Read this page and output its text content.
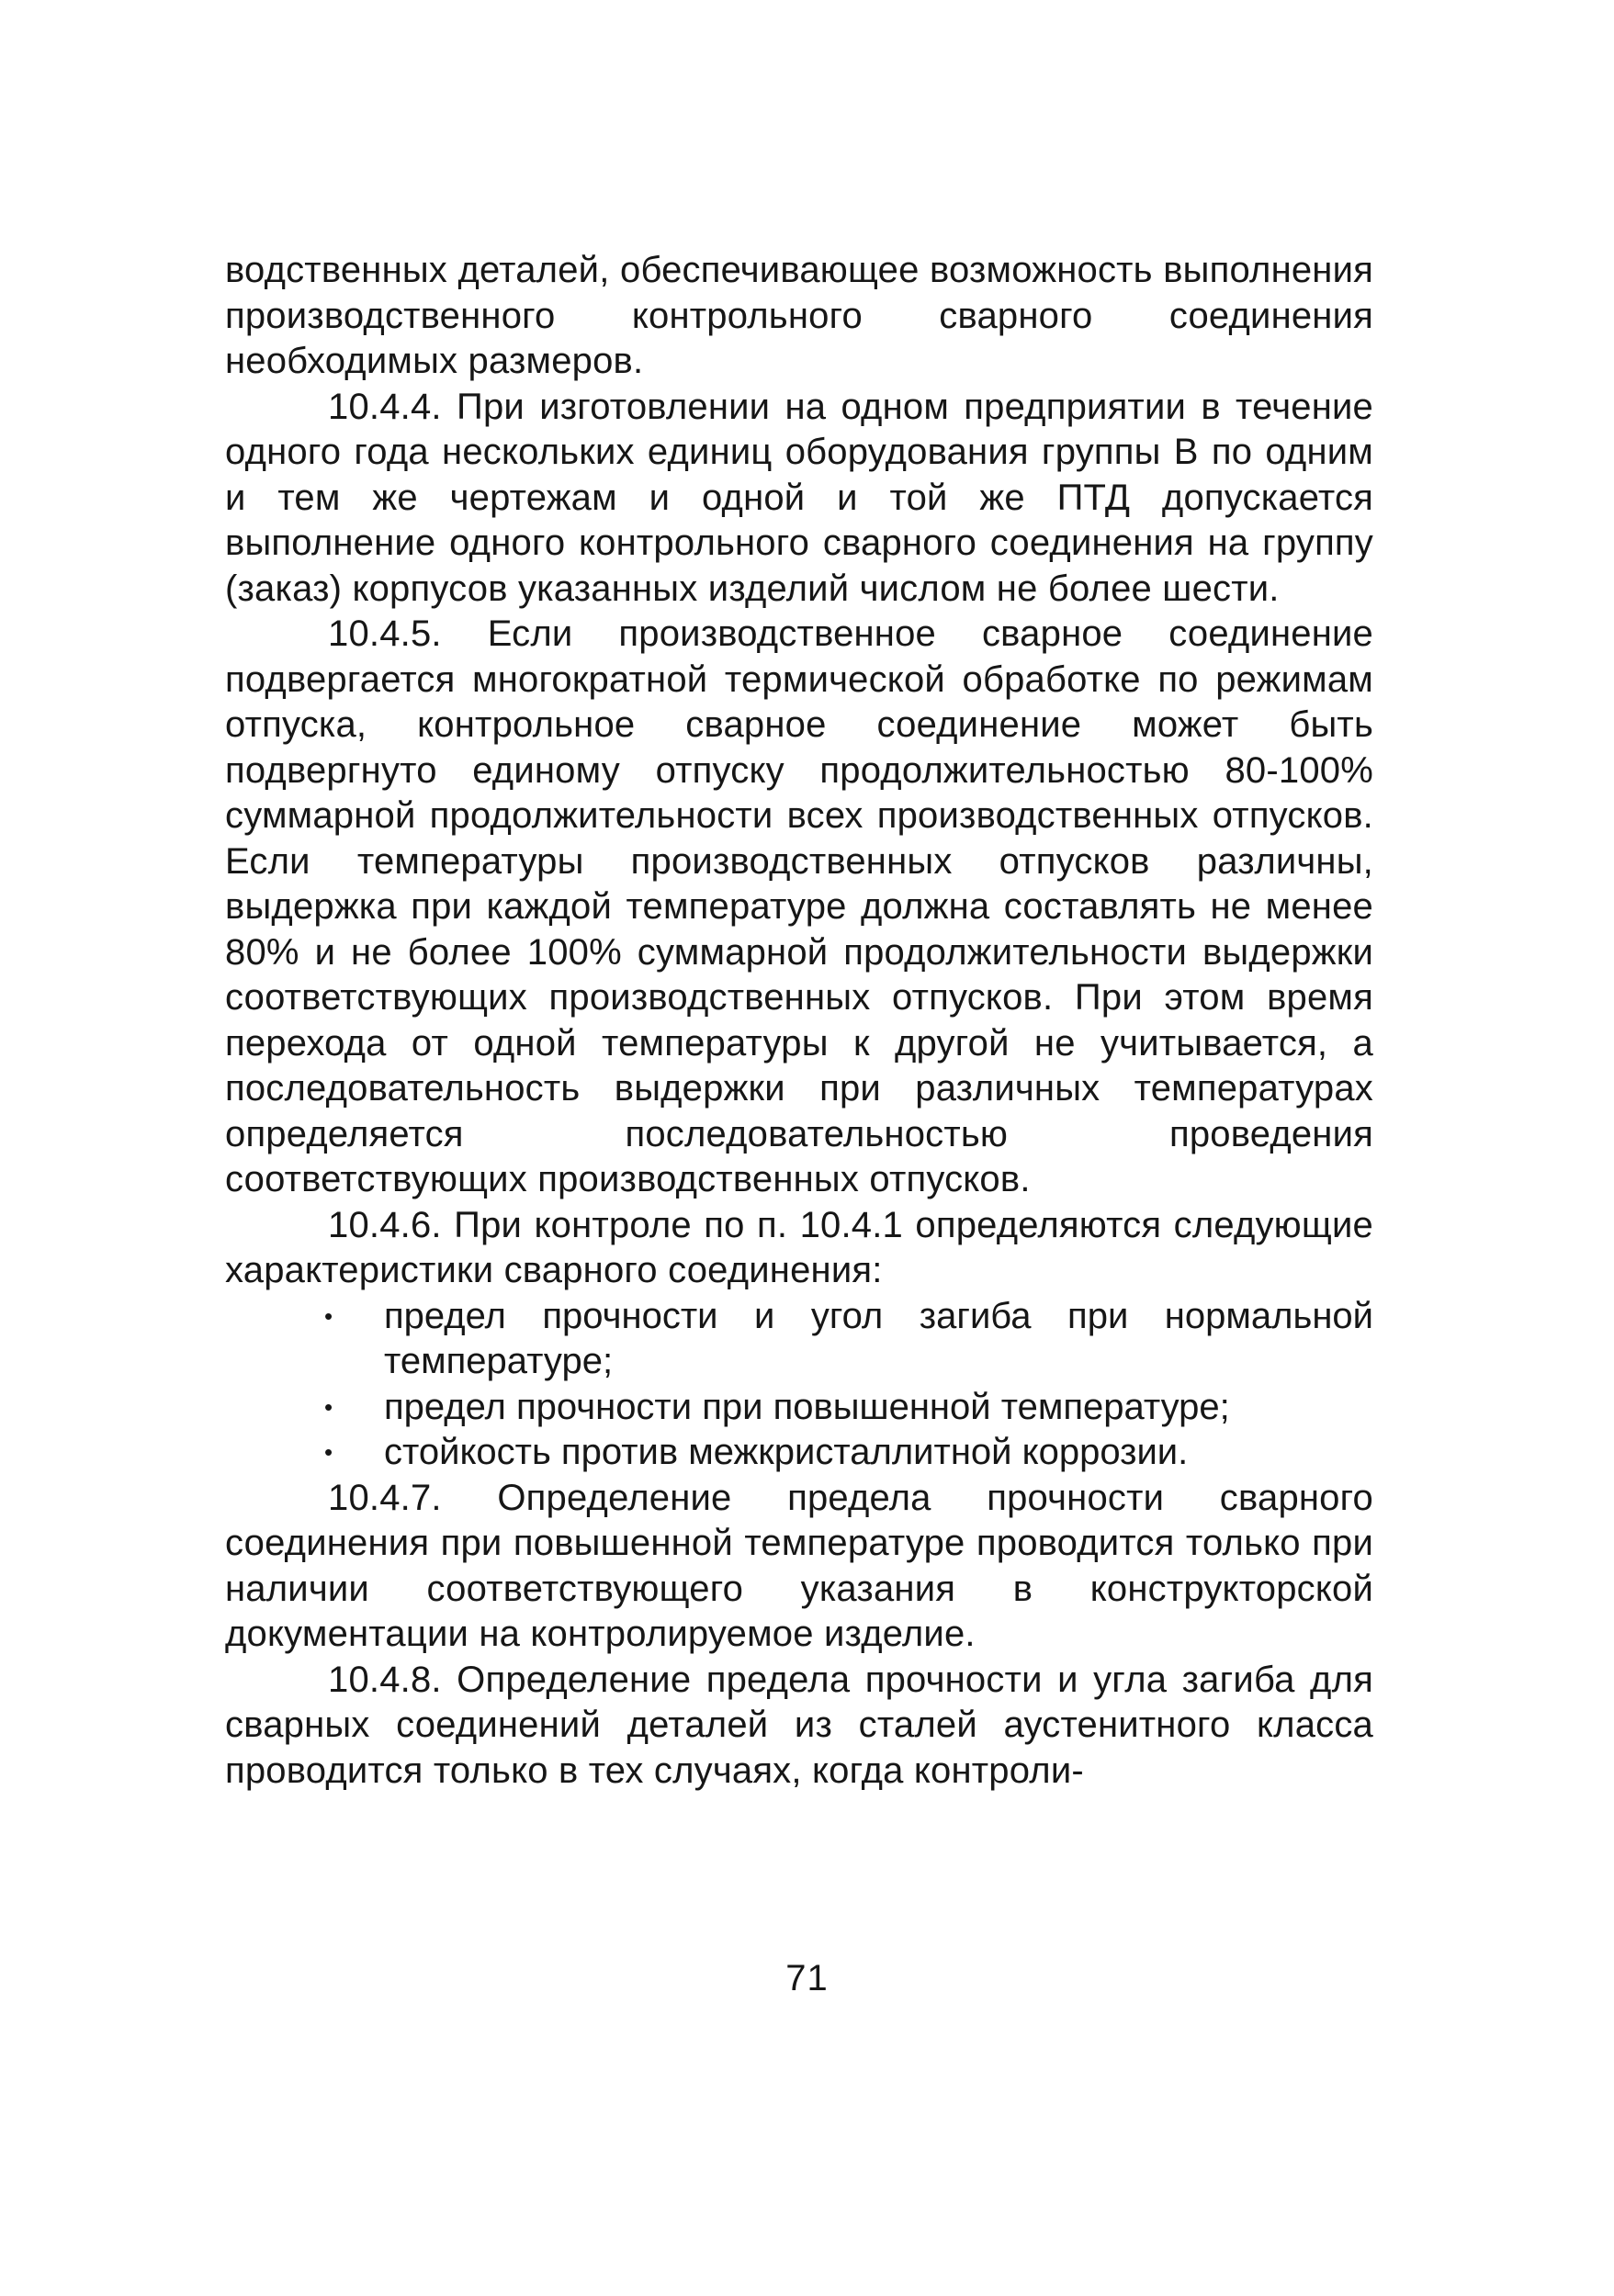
водственных деталей, обеспечивающее возможность выполнения производственного контрольного сварного соединения необходимых размеров.

10.4.4. При изготовлении на одном предприятии в течение одного года нескольких единиц оборудования группы В по одним и тем же чертежам и одной и той же ПТД допускается выполнение одного контрольного сварного соединения на группу (заказ) корпусов указанных изделий числом не более шести.

10.4.5. Если производственное сварное соединение подвергается многократной термической обработке по режимам отпуска, контрольное сварное соединение может быть подвергнуто единому отпуску продолжительностью 80-100% суммарной продолжительности всех производственных отпусков. Если температуры производственных отпусков различны, выдержка при каждой температуре должна составлять не менее 80% и не более 100% суммарной продолжительности выдержки соответствующих производственных отпусков. При этом время перехода от одной температуры к другой не учитывается, а последовательность выдержки при различных температурах определяется последовательностью проведения соответствующих производственных отпусков.

10.4.6. При контроле по п. 10.4.1 определяются следующие характеристики сварного соединения:

•	предел прочности и угол загиба при нормальной температуре;
•	предел прочности при повышенной температуре;
•	стойкость против межкристаллитной коррозии.

10.4.7. Определение предела прочности сварного соединения при повышенной температуре проводится только при наличии соответствующего указания в конструкторской документации на контролируемое изделие.

10.4.8. Определение предела прочности и угла загиба для сварных соединений деталей из сталей аустенитного класса проводится только в тех случаях, когда контроли-

71
